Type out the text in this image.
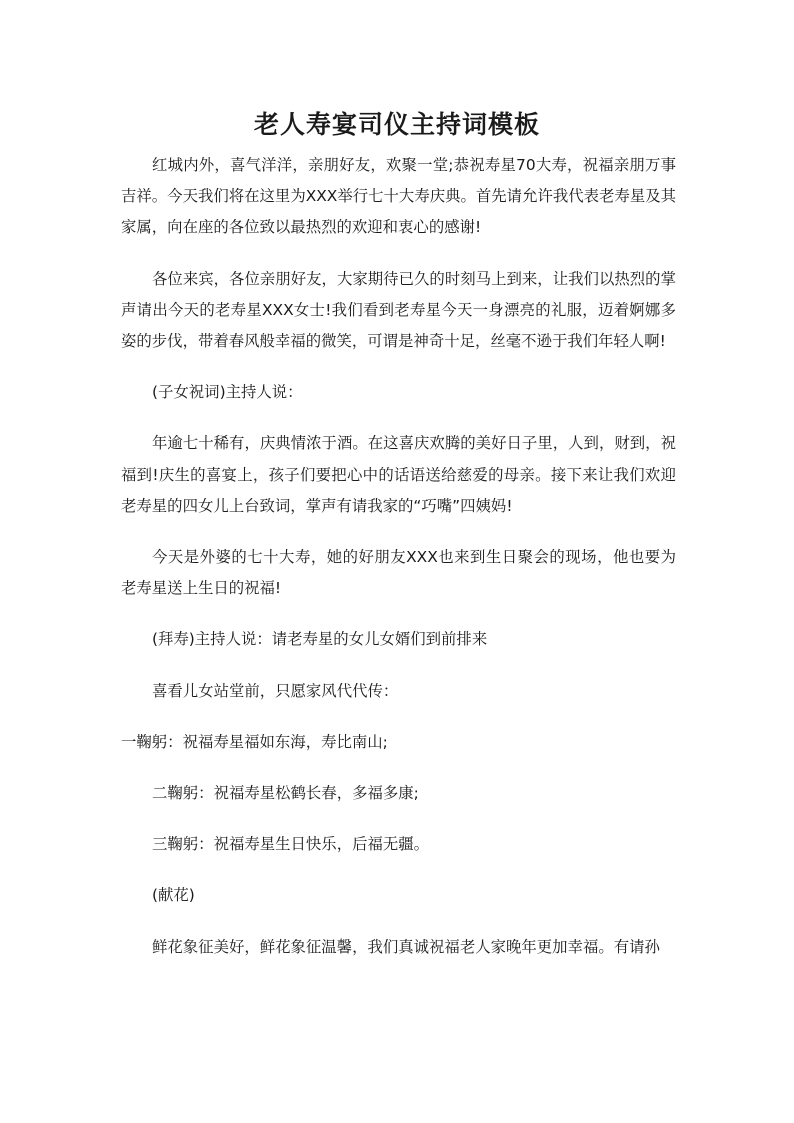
老人寿宴司仪主持词模板

红城内外，喜气洋洋，亲朋好友，欢聚一堂;恭祝寿星70大寿，祝福亲朋万事吉祥。今天我们将在这里为XXX举行七十大寿庆典。首先请允许我代表老寿星及其家属，向在座的各位致以最热烈的欢迎和衷心的感谢!

各位来宾，各位亲朋好友，大家期待已久的时刻马上到来，让我们以热烈的掌声请出今天的老寿星XXX女士!我们看到老寿星今天一身漂亮的礼服，迈着婀娜多姿的步伐，带着春风般幸福的微笑，可谓是神奇十足，丝毫不逊于我们年轻人啊!

(子女祝词)主持人说：

年逾七十稀有，庆典情浓于酒。在这喜庆欢腾的美好日子里，人到，财到，祝福到!庆生的喜宴上，孩子们要把心中的话语送给慈爱的母亲。接下来让我们欢迎老寿星的四女儿上台致词，掌声有请我家的“巧嘴”四姨妈!

今天是外婆的七十大寿，她的好朋友XXX也来到生日聚会的现场，他也要为老寿星送上生日的祝福!

(拜寿)主持人说：请老寿星的女儿女婿们到前排来

喜看儿女站堂前，只愿家风代代传：

一鞠躬：祝福寿星福如东海，寿比南山;

二鞠躬：祝福寿星松鹤长春，多福多康;

三鞠躬：祝福寿星生日快乐，后福无疆。

(献花)

鲜花象征美好，鲜花象征温馨，我们真诚祝福老人家晚年更加幸福。有请孙
